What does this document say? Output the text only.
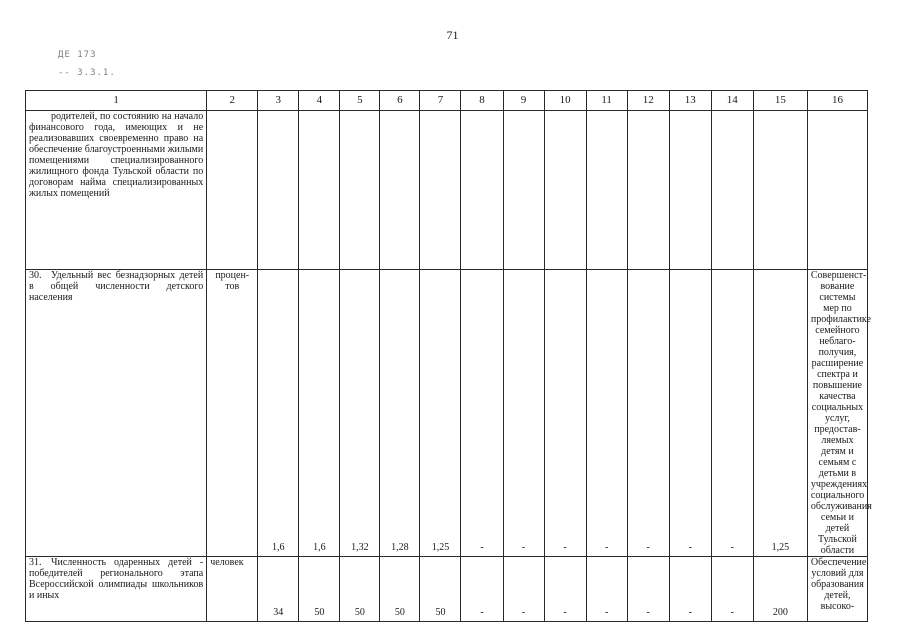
71
ДЕ 173
-- 3.3.1.
1	2	3	4	5	6	7	8	9	10	11	12	13	14	15	16
родителей, по состоянию на начало финансового года, имеющих и не реализовавших своевременно право на обеспечение благоустроенными жилыми помещениями специализированного жилищного фонда Тульской области по договорам найма специализированных жилых помещений															
30. Удельный вес безнадзорных детей в общей численности детского населения	процен-тов	1,6	1,6	1,32	1,28	1,25	-	-	-	-	-	-	-	1,25	Совершенст-вование системы мер по профилактике семейного неблаго-получия, расширение спектра и повышение качества социальных услуг, предостав-ляемых детям и семьям с детьми в учреждениях социального обслуживания семьи и детей Тульской области
31. Численность одаренных детей - победителей регионального этапа Всероссийской олимпиады школьников и иных	человек	34	50	50	50	50	-	-	-	-	-	-	-	200	Обеспечение условий для образования детей, высоко-
